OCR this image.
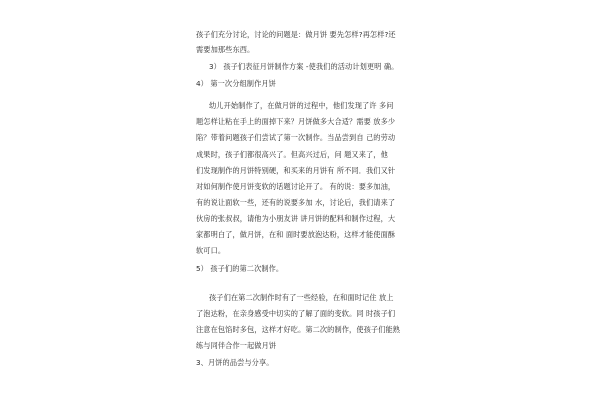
孩子们充分讨论，讨论的问题是：做月饼 要先怎样?再怎样?还
需要加那些东西。
3） 孩子们表征月饼制作方案 -使我们的活动计划更明 确。
4） 第一次分组制作月饼
幼儿开始制作了，在做月饼的过程中，他们发现了许 多问
题怎样让粘在手上的面掉下来？月饼做多大合适？需要 放多少
陷？带着问题孩子们尝试了第一次制作。当品尝到自 己的劳动
成果时，孩子们都很高兴了。但高兴过后，问 题又来了，他
们发现制作的月饼特别硬，和买来的月饼有 所不同．我们又针
对如何制作使月饼变软的话题讨论开了。 有的说：要多加油，
有的说让面软一些，还有的说要多加 水，讨论后，我们请来了
伙房的张叔叔，请他为小朋友讲 讲月饼的配料和制作过程，大
家都明白了，做月饼，在和 面时要放泡达粉，这样才能使面酥
软可口。
5） 孩子们的第二次制作。
孩子们在第二次制作时有了一些经验，在和面时记住 放上
了泡达粉，在亲身感受中切实的了解了面的变软。同 时孩子们
注意在包馅时多包，这样才好吃。第二次的制作，使孩子们能熟
练与同伴合作一起做月饼
3、月饼的品尝与分享。
